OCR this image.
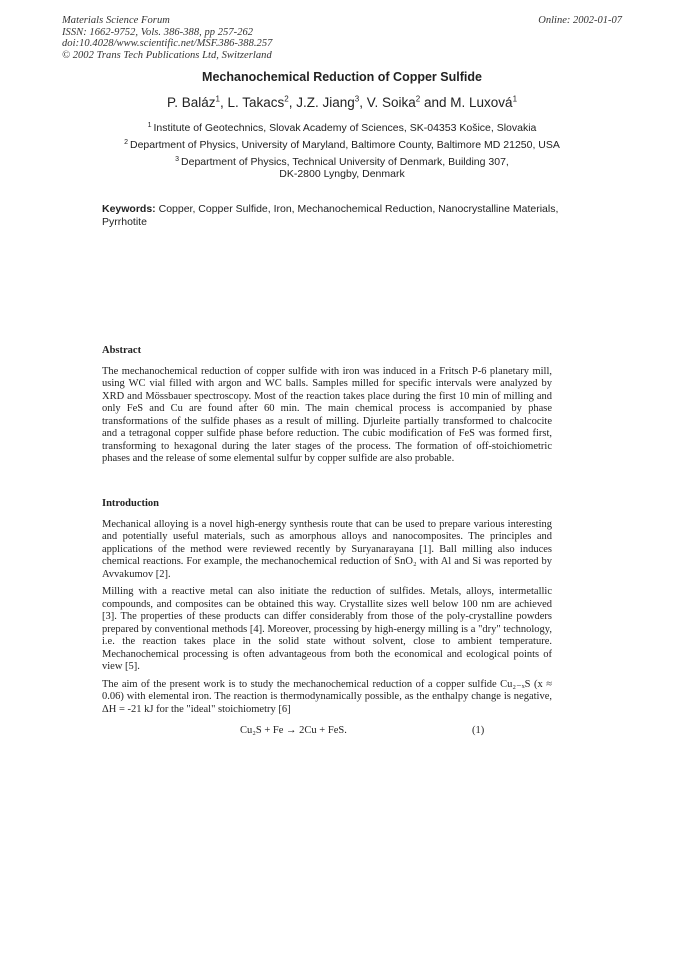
Materials Science Forum
ISSN: 1662-9752, Vols. 386-388, pp 257-262
doi:10.4028/www.scientific.net/MSF.386-388.257
© 2002 Trans Tech Publications Ltd, Switzerland
Online: 2002-01-07
Mechanochemical Reduction of Copper Sulfide
P. Baláz$^1$, L. Takacs$^2$, J.Z. Jiang$^3$, V. Soika$^2$ and M. Luxová$^1$
$^1$ Institute of Geotechnics, Slovak Academy of Sciences, SK-04353 Košice, Slovakia
$^2$ Department of Physics, University of Maryland, Baltimore County, Baltimore MD 21250, USA
$^3$ Department of Physics, Technical University of Denmark, Building 307,
DK-2800 Lyngby, Denmark
Keywords: Copper, Copper Sulfide, Iron, Mechanochemical Reduction, Nanocrystalline Materials, Pyrrhotite
Abstract

The mechanochemical reduction of copper sulfide with iron was induced in a Fritsch P-6 planetary mill, using WC vial filled with argon and WC balls. Samples milled for specific intervals were analyzed by XRD and Mössbauer spectroscopy. Most of the reaction takes place during the first 10 min of milling and only FeS and Cu are found after 60 min. The main chemical process is accompanied by phase transformations of the sulfide phases as a result of milling. Djurleite partially transformed to chalcocite and a tetragonal copper sulfide phase before reduction. The cubic modification of FeS was formed first, transforming to hexagonal during the later stages of the process. The formation of off-stoichiometric phases and the release of some elemental sulfur by copper sulfide are also probable.

Introduction

Mechanical alloying is a novel high-energy synthesis route that can be used to prepare various interesting and potentially useful materials, such as amorphous alloys and nanocomposites. The principles and applications of the method were reviewed recently by Suryanarayana [1]. Ball milling also induces chemical reactions. For example, the mechanochemical reduction of SnO₂ with Al and Si was reported by Avvakumov [2].

Milling with a reactive metal can also initiate the reduction of sulfides. Metals, alloys, intermetallic compounds, and composites can be obtained this way. Crystallite sizes well below 100 nm are achieved [3]. The properties of these products can differ considerably from those of the poly-crystalline powders prepared by conventional methods [4]. Moreover, processing by high-energy milling is a "dry" technology, i.e. the reaction takes place in the solid state without solvent, close to ambient temperature. Mechanochemical processing is often advantageous from both the economical and ecological points of view [5].

The aim of the present work is to study the mechanochemical reduction of a copper sulfide Cu₂₋ₓS (x ≈ 0.06) with elemental iron. The reaction is thermodynamically possible, as the enthalpy change is negative, ΔH = -21 kJ for the "ideal" stoichiometry [6]

Cu₂S + Fe → 2Cu + FeS.	(1)
